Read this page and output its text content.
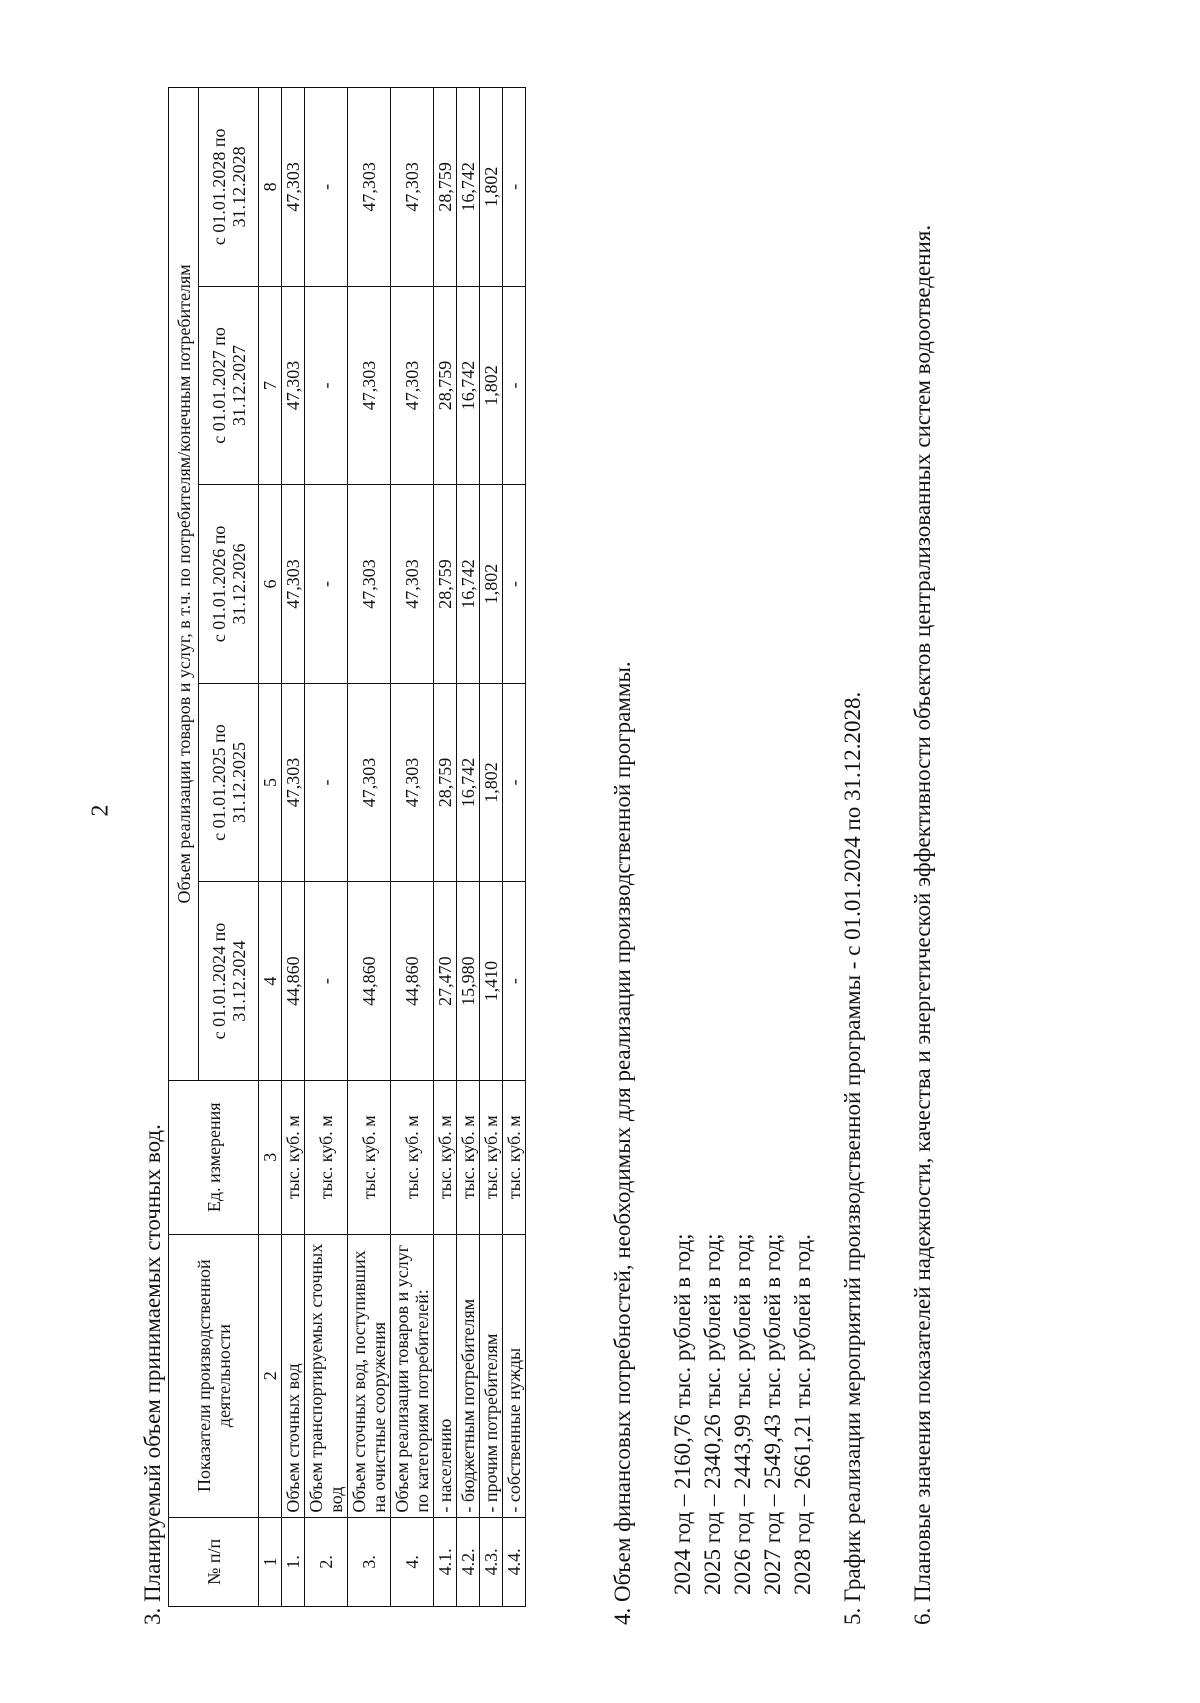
2
3. Планируемый объем принимаемых сточных вод. № п/п	Показатели производственной деятельности	Ед. измерения	Объем реализации товаров и услуг, в т.ч. по потребителям/конечным потребителям				
			с 01.01.2024 по 31.12.2024	с 01.01.2025 по 31.12.2025	с 01.01.2026 по 31.12.2026	с 01.01.2027 по 31.12.2027	с 01.01.2028 по 31.12.2028
1	2	3	4	5	6	7	8
1.	Объем сточных вод	тыс. куб. м	44,860	47,303	47,303	47,303	47,303
2.	Объем транспортируемых сточных вод	тыс. куб. м	-	-	-	-	-
3.	Объем сточных вод, поступивших на очистные сооружения	тыс. куб. м	44,860	47,303	47,303	47,303	47,303
4.	Объем реализации товаров и услуг по категориям потребителей:	тыс. куб. м	44,860	47,303	47,303	47,303	47,303
4.1.	- населению	тыс. куб. м	27,470	28,759	28,759	28,759	28,759
4.2.	- бюджетным потребителям	тыс. куб. м	15,980	16,742	16,742	16,742	16,742
4.3.	- прочим потребителям	тыс. куб. м	1,410	1,802	1,802	1,802	1,802
4.4.	- собственные нужды	тыс. куб. м	-	-	-	-	-
4. Объем финансовых потребностей, необходимых для реализации производственной программы. 2024 год – 2160,76 тыс. рублей в год; 2025 год – 2340,26 тыс. рублей в год; 2026 год – 2443,99 тыс. рублей в год; 2027 год – 2549,43 тыс. рублей в год; 2028 год – 2661,21 тыс. рублей в год. 5. График реализации мероприятий производственной программы - с 01.01.2024 по 31.12.2028. 6. Плановые значения показателей надежности, качества и энергетической эффективности объектов централизованных систем водоотведения.
